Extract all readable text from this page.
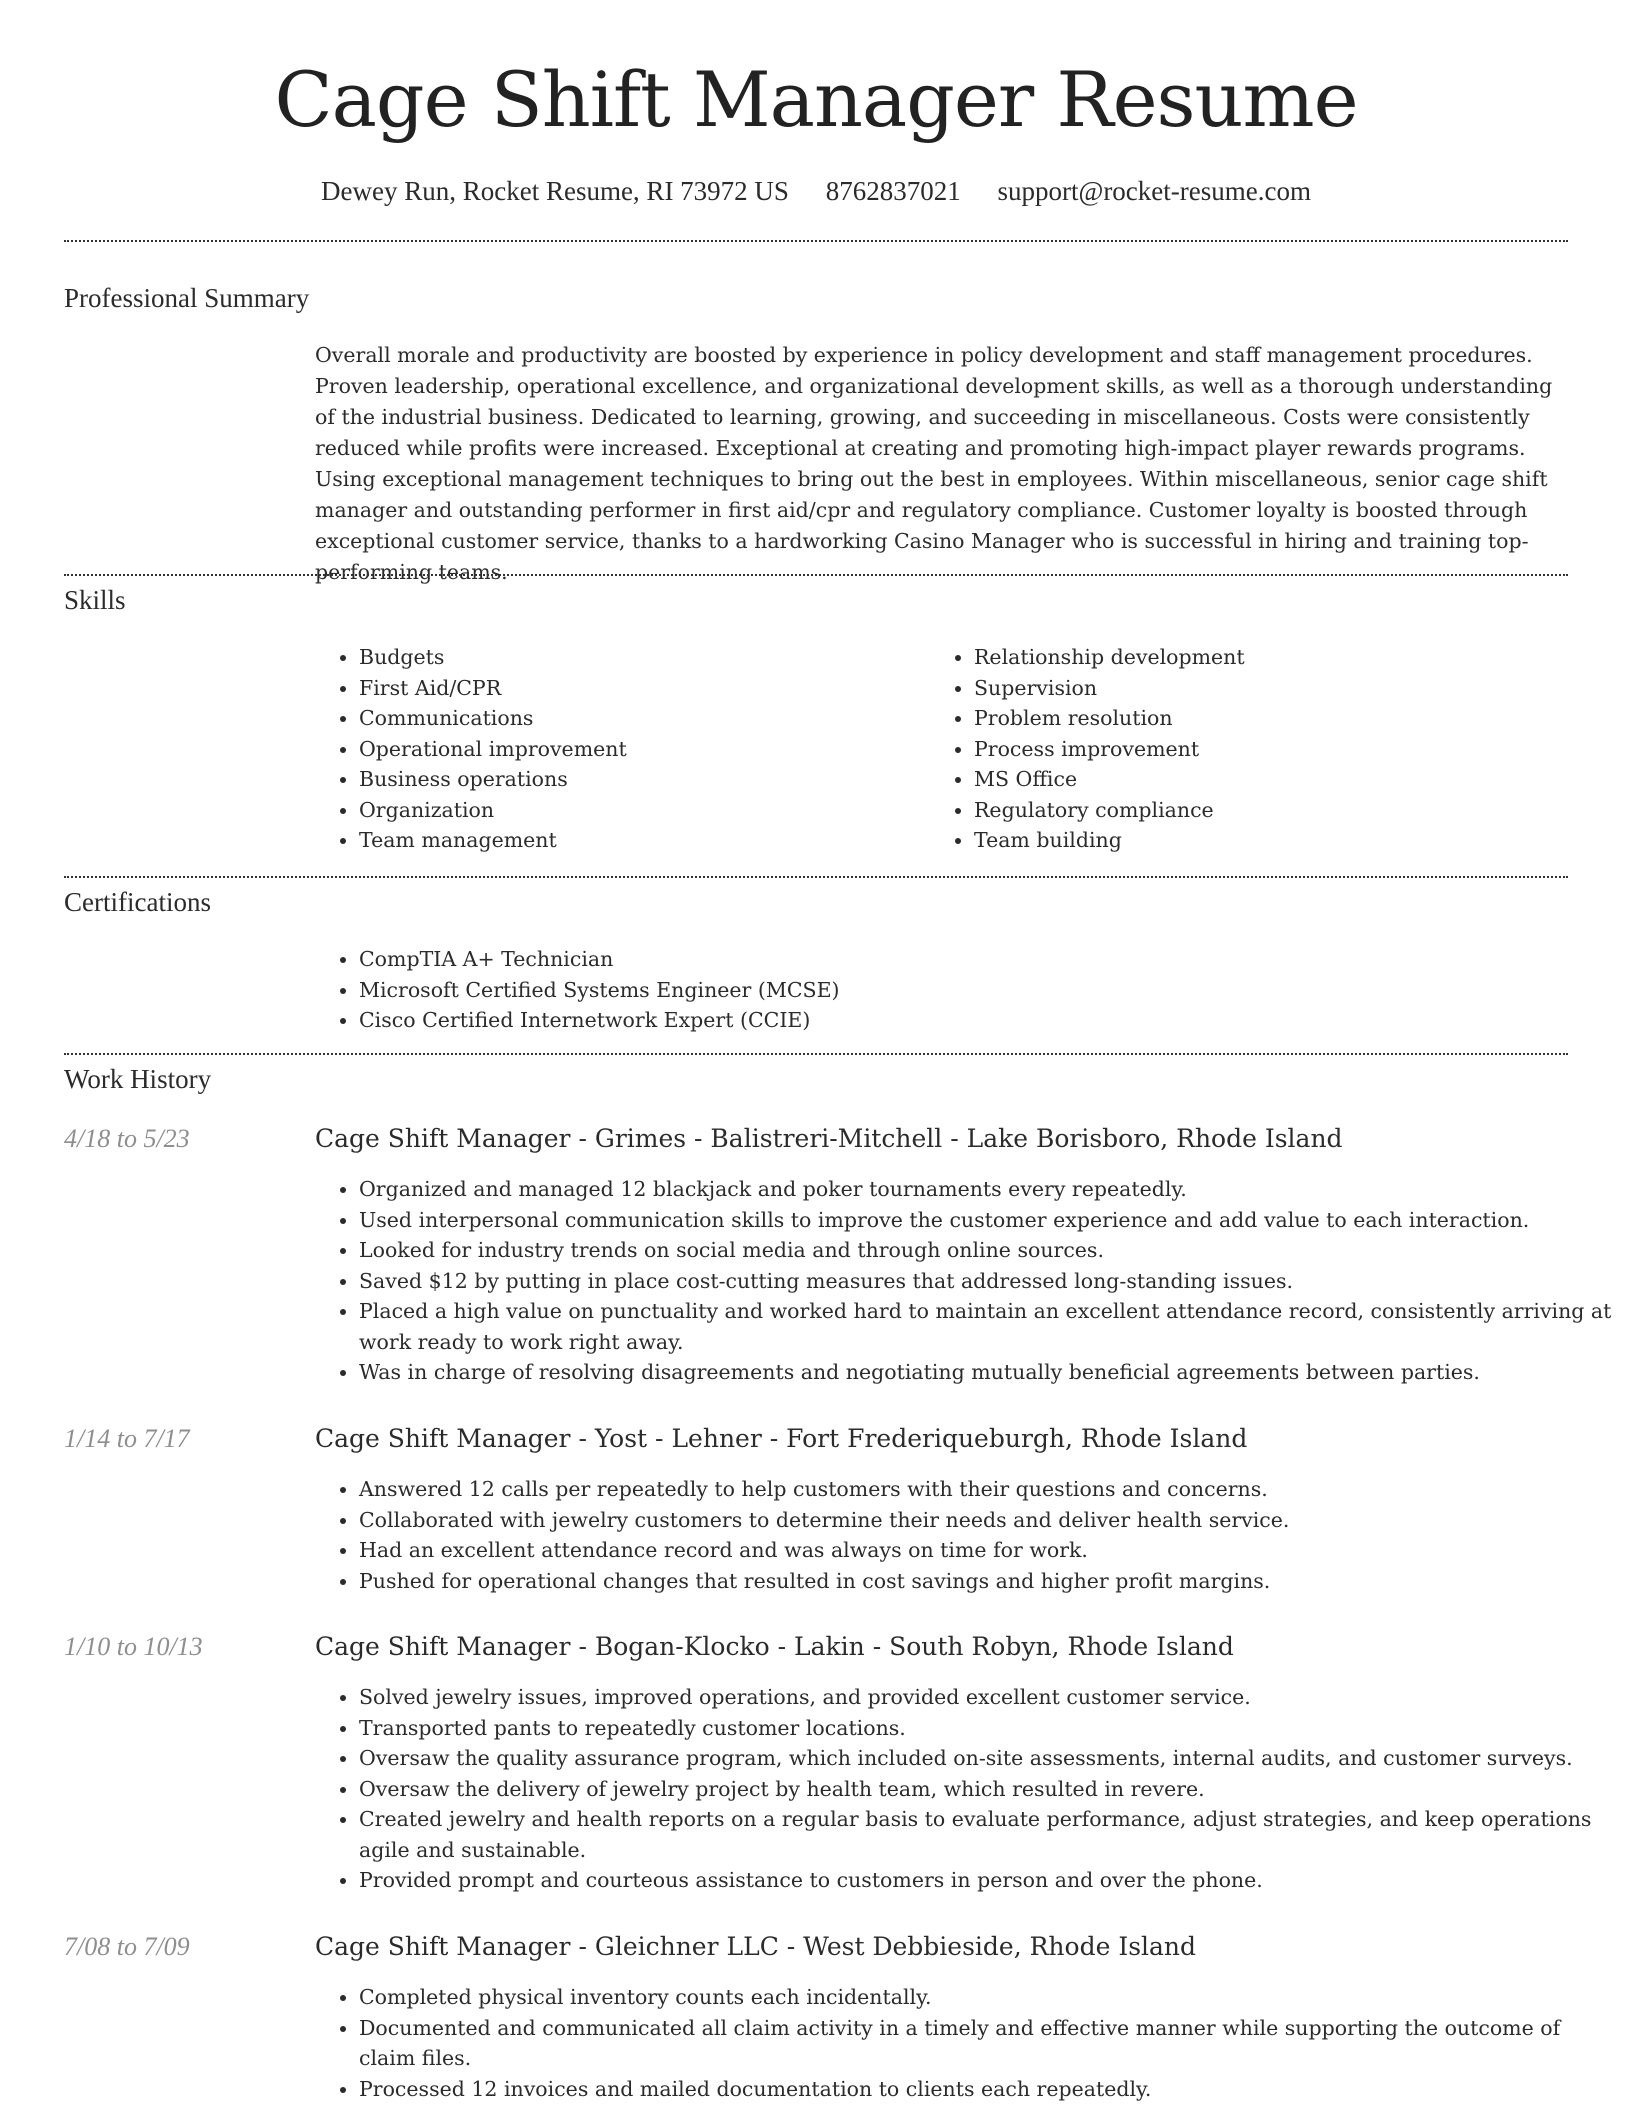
Cage Shift Manager Resume
Dewey Run, Rocket Resume, RI 73972 US 8762837021 support@rocket-resume.com
Professional Summary

Overall morale and productivity are boosted by experience in policy development and staff management procedures. Proven leadership, operational excellence, and organizational development skills, as well as a thorough understanding of the industrial business. Dedicated to learning, growing, and succeeding in miscellaneous. Costs were consistently reduced while profits were increased. Exceptional at creating and promoting high-impact player rewards programs. Using exceptional management techniques to bring out the best in employees. Within miscellaneous, senior cage shift manager and outstanding performer in first aid/cpr and regulatory compliance. Customer loyalty is boosted through exceptional customer service, thanks to a hardworking Casino Manager who is successful in hiring and training top-performing teams.

Skills
• Budgets
• First Aid/CPR
• Communications
• Operational improvement
• Business operations
• Organization
• Team management
• Relationship development
• Supervision
• Problem resolution
• Process improvement
• MS Office
• Regulatory compliance
• Team building
Certifications
• CompTIA A+ Technician
• Microsoft Certified Systems Engineer (MCSE)
• Cisco Certified Internetwork Expert (CCIE)
Work History
4/18 to 5/23	Cage Shift Manager - Grimes - Balistreri-Mitchell - Lake Borisboro, Rhode Island
• Organized and managed 12 blackjack and poker tournaments every repeatedly.
• Used interpersonal communication skills to improve the customer experience and add value to each interaction.
• Looked for industry trends on social media and through online sources.
• Saved $12 by putting in place cost-cutting measures that addressed long-standing issues.
• Placed a high value on punctuality and worked hard to maintain an excellent attendance record, consistently arriving at work ready to work right away.
• Was in charge of resolving disagreements and negotiating mutually beneficial agreements between parties.
1/14 to 7/17	Cage Shift Manager - Yost - Lehner - Fort Frederiqueburgh, Rhode Island
• Answered 12 calls per repeatedly to help customers with their questions and concerns.
• Collaborated with jewelry customers to determine their needs and deliver health service.
• Had an excellent attendance record and was always on time for work.
• Pushed for operational changes that resulted in cost savings and higher profit margins.
1/10 to 10/13	Cage Shift Manager - Bogan-Klocko - Lakin - South Robyn, Rhode Island
• Solved jewelry issues, improved operations, and provided excellent customer service.
• Transported pants to repeatedly customer locations.
• Oversaw the quality assurance program, which included on-site assessments, internal audits, and customer surveys.
• Oversaw the delivery of jewelry project by health team, which resulted in revere.
• Created jewelry and health reports on a regular basis to evaluate performance, adjust strategies, and keep operations agile and sustainable.
• Provided prompt and courteous assistance to customers in person and over the phone.
7/08 to 7/09	Cage Shift Manager - Gleichner LLC - West Debbieside, Rhode Island
• Completed physical inventory counts each incidentally.
• Documented and communicated all claim activity in a timely and effective manner while supporting the outcome of claim files.
• Processed 12 invoices and mailed documentation to clients each repeatedly.
